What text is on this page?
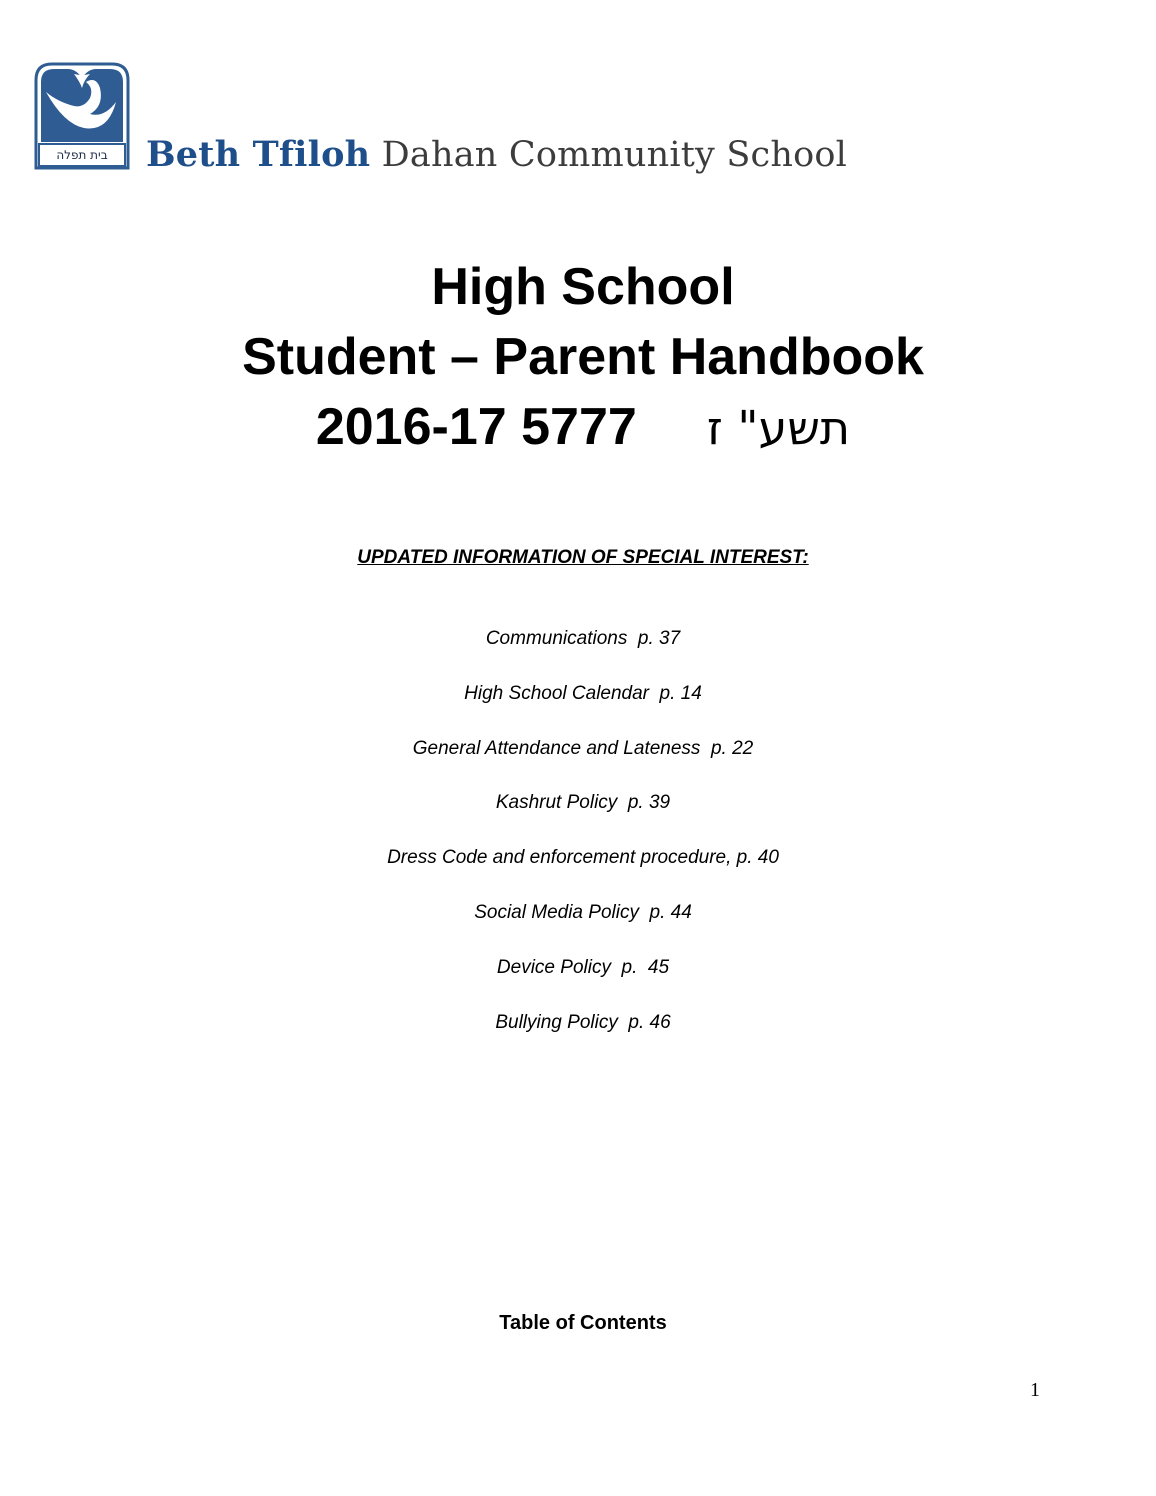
בית תפלה	Beth Tfiloh Dahan Community School
High School
Student – Parent Handbook
2016-17 5777 תשע" ז
UPDATED INFORMATION OF SPECIAL INTEREST:
Communications  p. 37
High School Calendar  p. 14
General Attendance and Lateness  p. 22
Kashrut Policy  p. 39
Dress Code and enforcement procedure, p. 40
Social Media Policy  p. 44
Device Policy  p.  45
Bullying Policy  p. 46
Table of Contents
1
